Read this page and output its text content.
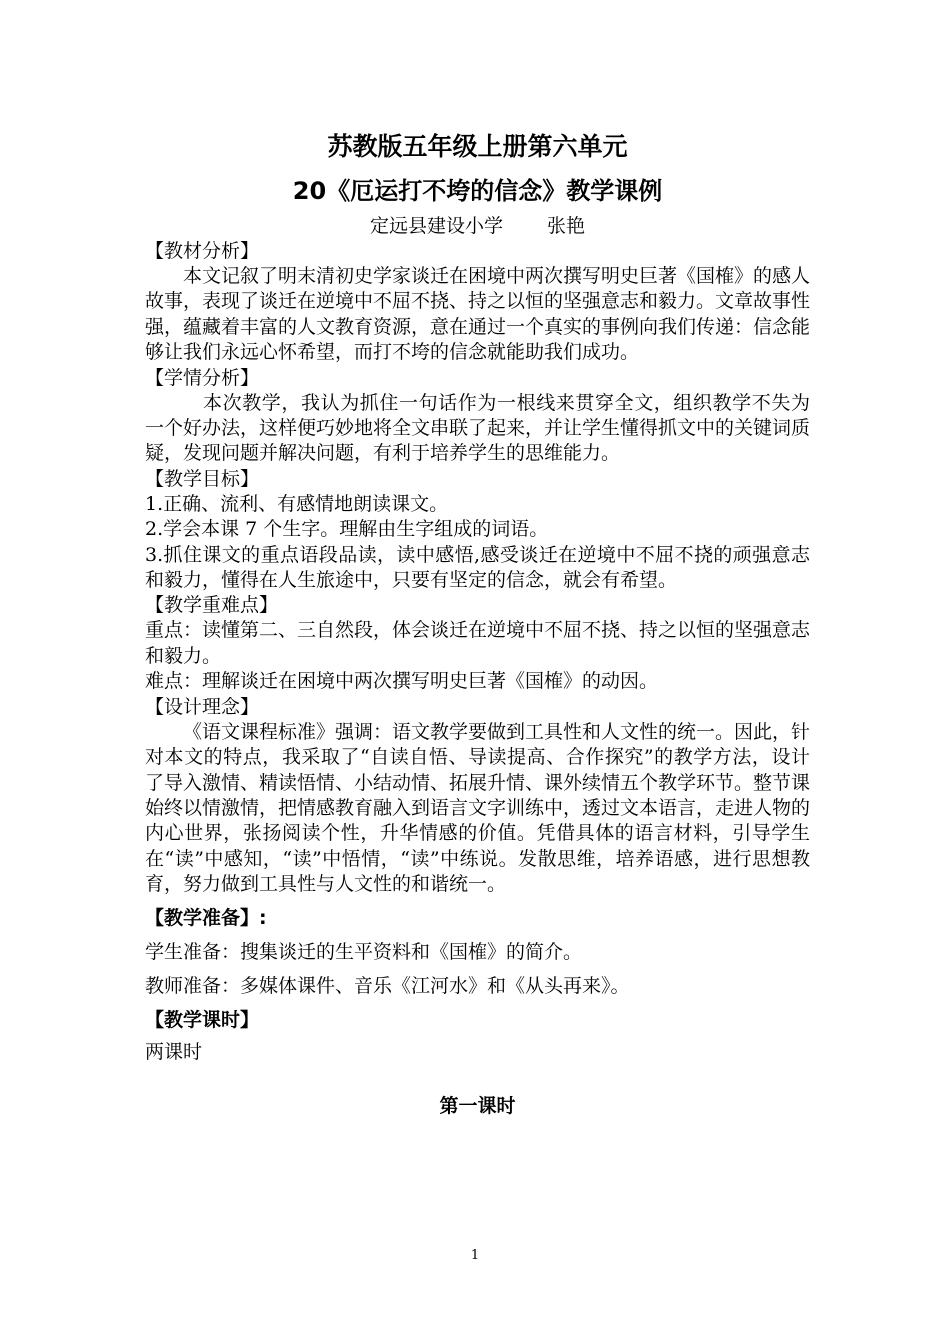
苏教版五年级上册第六单元
20《厄运打不垮的信念》教学课例
定远县建设小学 张艳
【教材分析】
本文记叙了明末清初史学家谈迁在困境中两次撰写明史巨著《国榷》的感人故事，表现了谈迁在逆境中不屈不挠、持之以恒的坚强意志和毅力。文章故事性强，蕴藏着丰富的人文教育资源，意在通过一个真实的事例向我们传递：信念能够让我们永远心怀希望，而打不垮的信念就能助我们成功。
【学情分析】
本次教学，我认为抓住一句话作为一根线来贯穿全文，组织教学不失为一个好办法，这样便巧妙地将全文串联了起来，并让学生懂得抓文中的关键词质疑，发现问题并解决问题，有利于培养学生的思维能力。
【教学目标】
1.正确、流利、有感情地朗读课文。
2.学会本课 7 个生字。理解由生字组成的词语。
3.抓住课文的重点语段品读，读中感悟,感受谈迁在逆境中不屈不挠的顽强意志和毅力，懂得在人生旅途中，只要有坚定的信念，就会有希望。
【教学重难点】
重点：读懂第二、三自然段，体会谈迁在逆境中不屈不挠、持之以恒的坚强意志和毅力。
难点：理解谈迁在困境中两次撰写明史巨著《国榷》的动因。
【设计理念】
《语文课程标准》强调：语文教学要做到工具性和人文性的统一。因此，针对本文的特点，我采取了“自读自悟、导读提高、合作探究”的教学方法，设计了导入激情、精读悟情、小结动情、拓展升情、课外续情五个教学环节。整节课始终以情激情，把情感教育融入到语言文字训练中，透过文本语言，走进人物的内心世界，张扬阅读个性，升华情感的价值。凭借具体的语言材料，引导学生在“读”中感知，“读”中悟情，“读”中练说。发散思维，培养语感，进行思想教育，努力做到工具性与人文性的和谐统一。
【教学准备】:
学生准备：搜集谈迁的生平资料和《国榷》的简介。
教师准备：多媒体课件、音乐《江河水》和《从头再来》。
【教学课时】
两课时
第一课时
1
